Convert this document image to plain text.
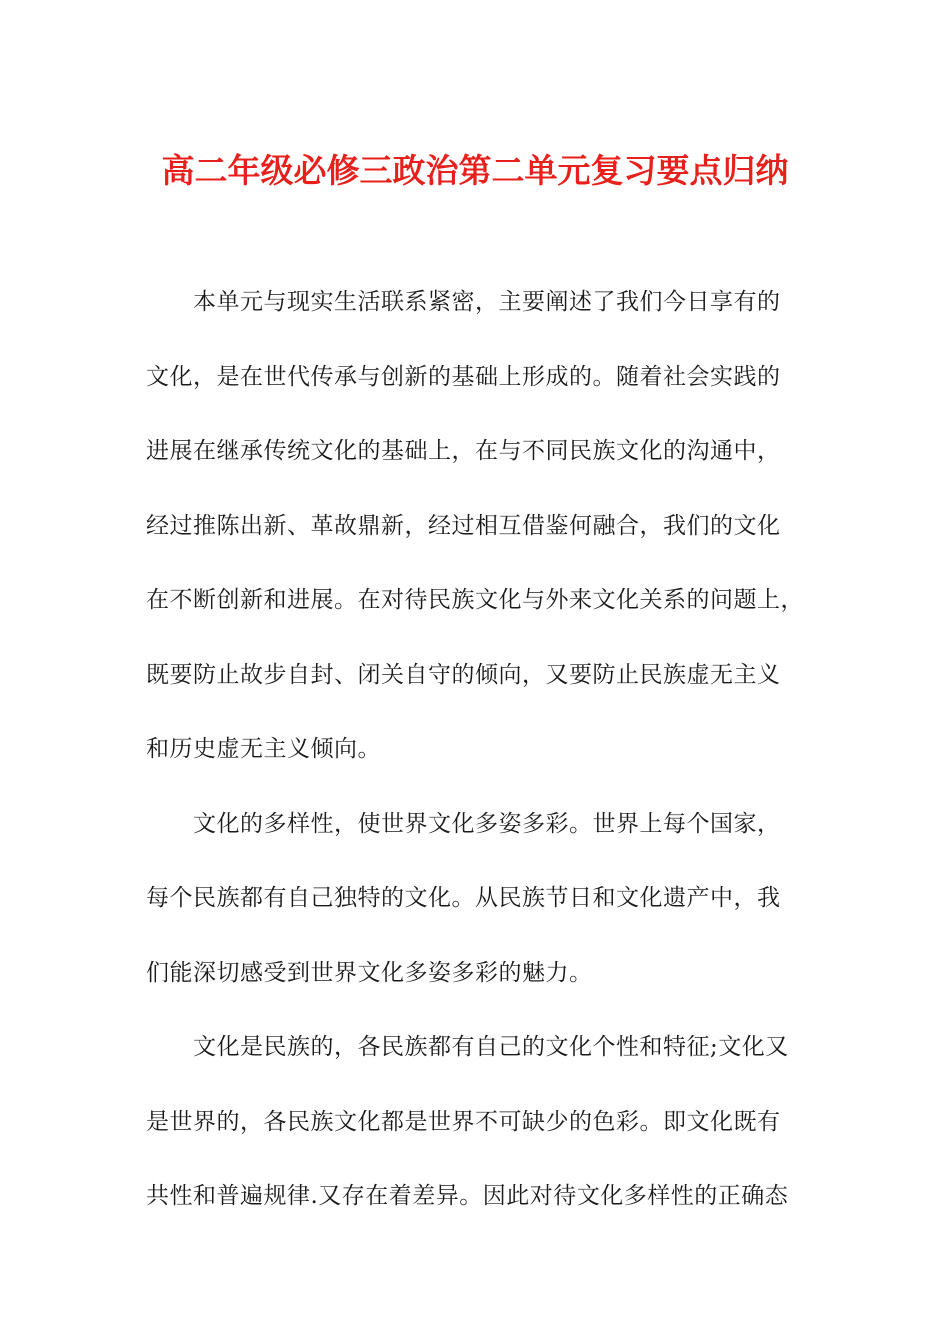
高二年级必修三政治第二单元复习要点归纳

本单元与现实生活联系紧密，主要阐述了我们今日享有的

文化，是在世代传承与创新的基础上形成的。随着社会实践的

进展在继承传统文化的基础上，在与不同民族文化的沟通中，

经过推陈出新、革故鼎新，经过相互借鉴何融合，我们的文化

在不断创新和进展。在对待民族文化与外来文化关系的问题上，

既要防止故步自封、闭关自守的倾向，又要防止民族虚无主义

和历史虚无主义倾向。

文化的多样性，使世界文化多姿多彩。世界上每个国家，

每个民族都有自己独特的文化。从民族节日和文化遗产中，我

们能深切感受到世界文化多姿多彩的魅力。

文化是民族的，各民族都有自己的文化个性和特征;文化又

是世界的，各民族文化都是世界不可缺少的色彩。即文化既有

共性和普遍规律.又存在着差异。因此对待文化多样性的正确态
